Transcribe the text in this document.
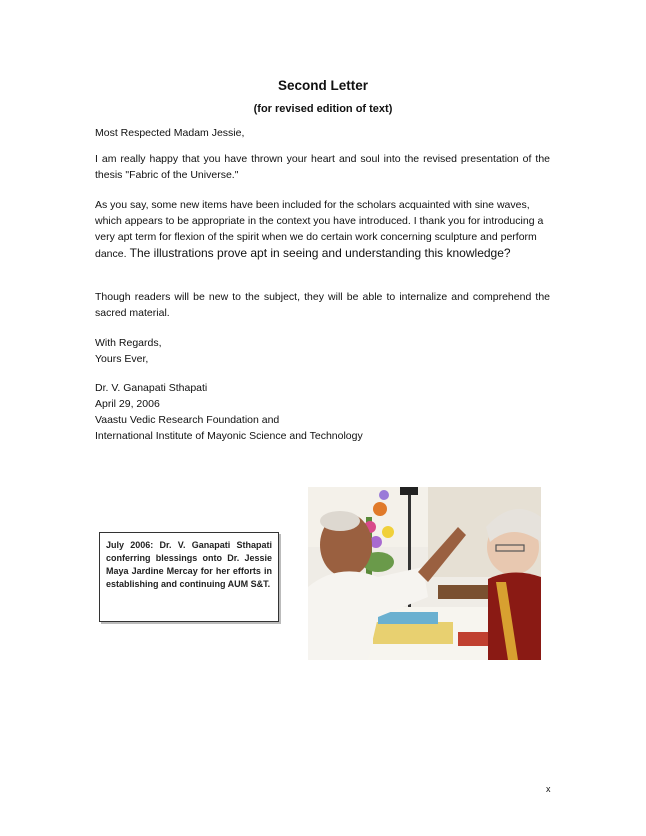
Second Letter
(for revised edition of text)
Most Respected Madam Jessie,
I am really happy that you have thrown your heart and soul into the revised presentation of the thesis "Fabric of the Universe."
As you say, some new items have been included for the scholars acquainted with sine waves, which appears to be appropriate in the context you have introduced. I thank you for introducing a very apt term for flexion of the spirit when we do certain work concerning sculpture and perform dance. The illustrations prove apt in seeing and understanding this knowledge?
Though readers will be new to the subject, they will be able to internalize and comprehend the sacred material.
With Regards,
Yours Ever,
Dr. V. Ganapati Sthapati
April 29, 2006
Vaastu Vedic Research Foundation and
International Institute of Mayonic Science and Technology

July 2006: Dr. V. Ganapati Sthapati conferring blessings onto Dr. Jessie Maya Jardine Mercay for her efforts in establishing and continuing AUM S&T.

x
